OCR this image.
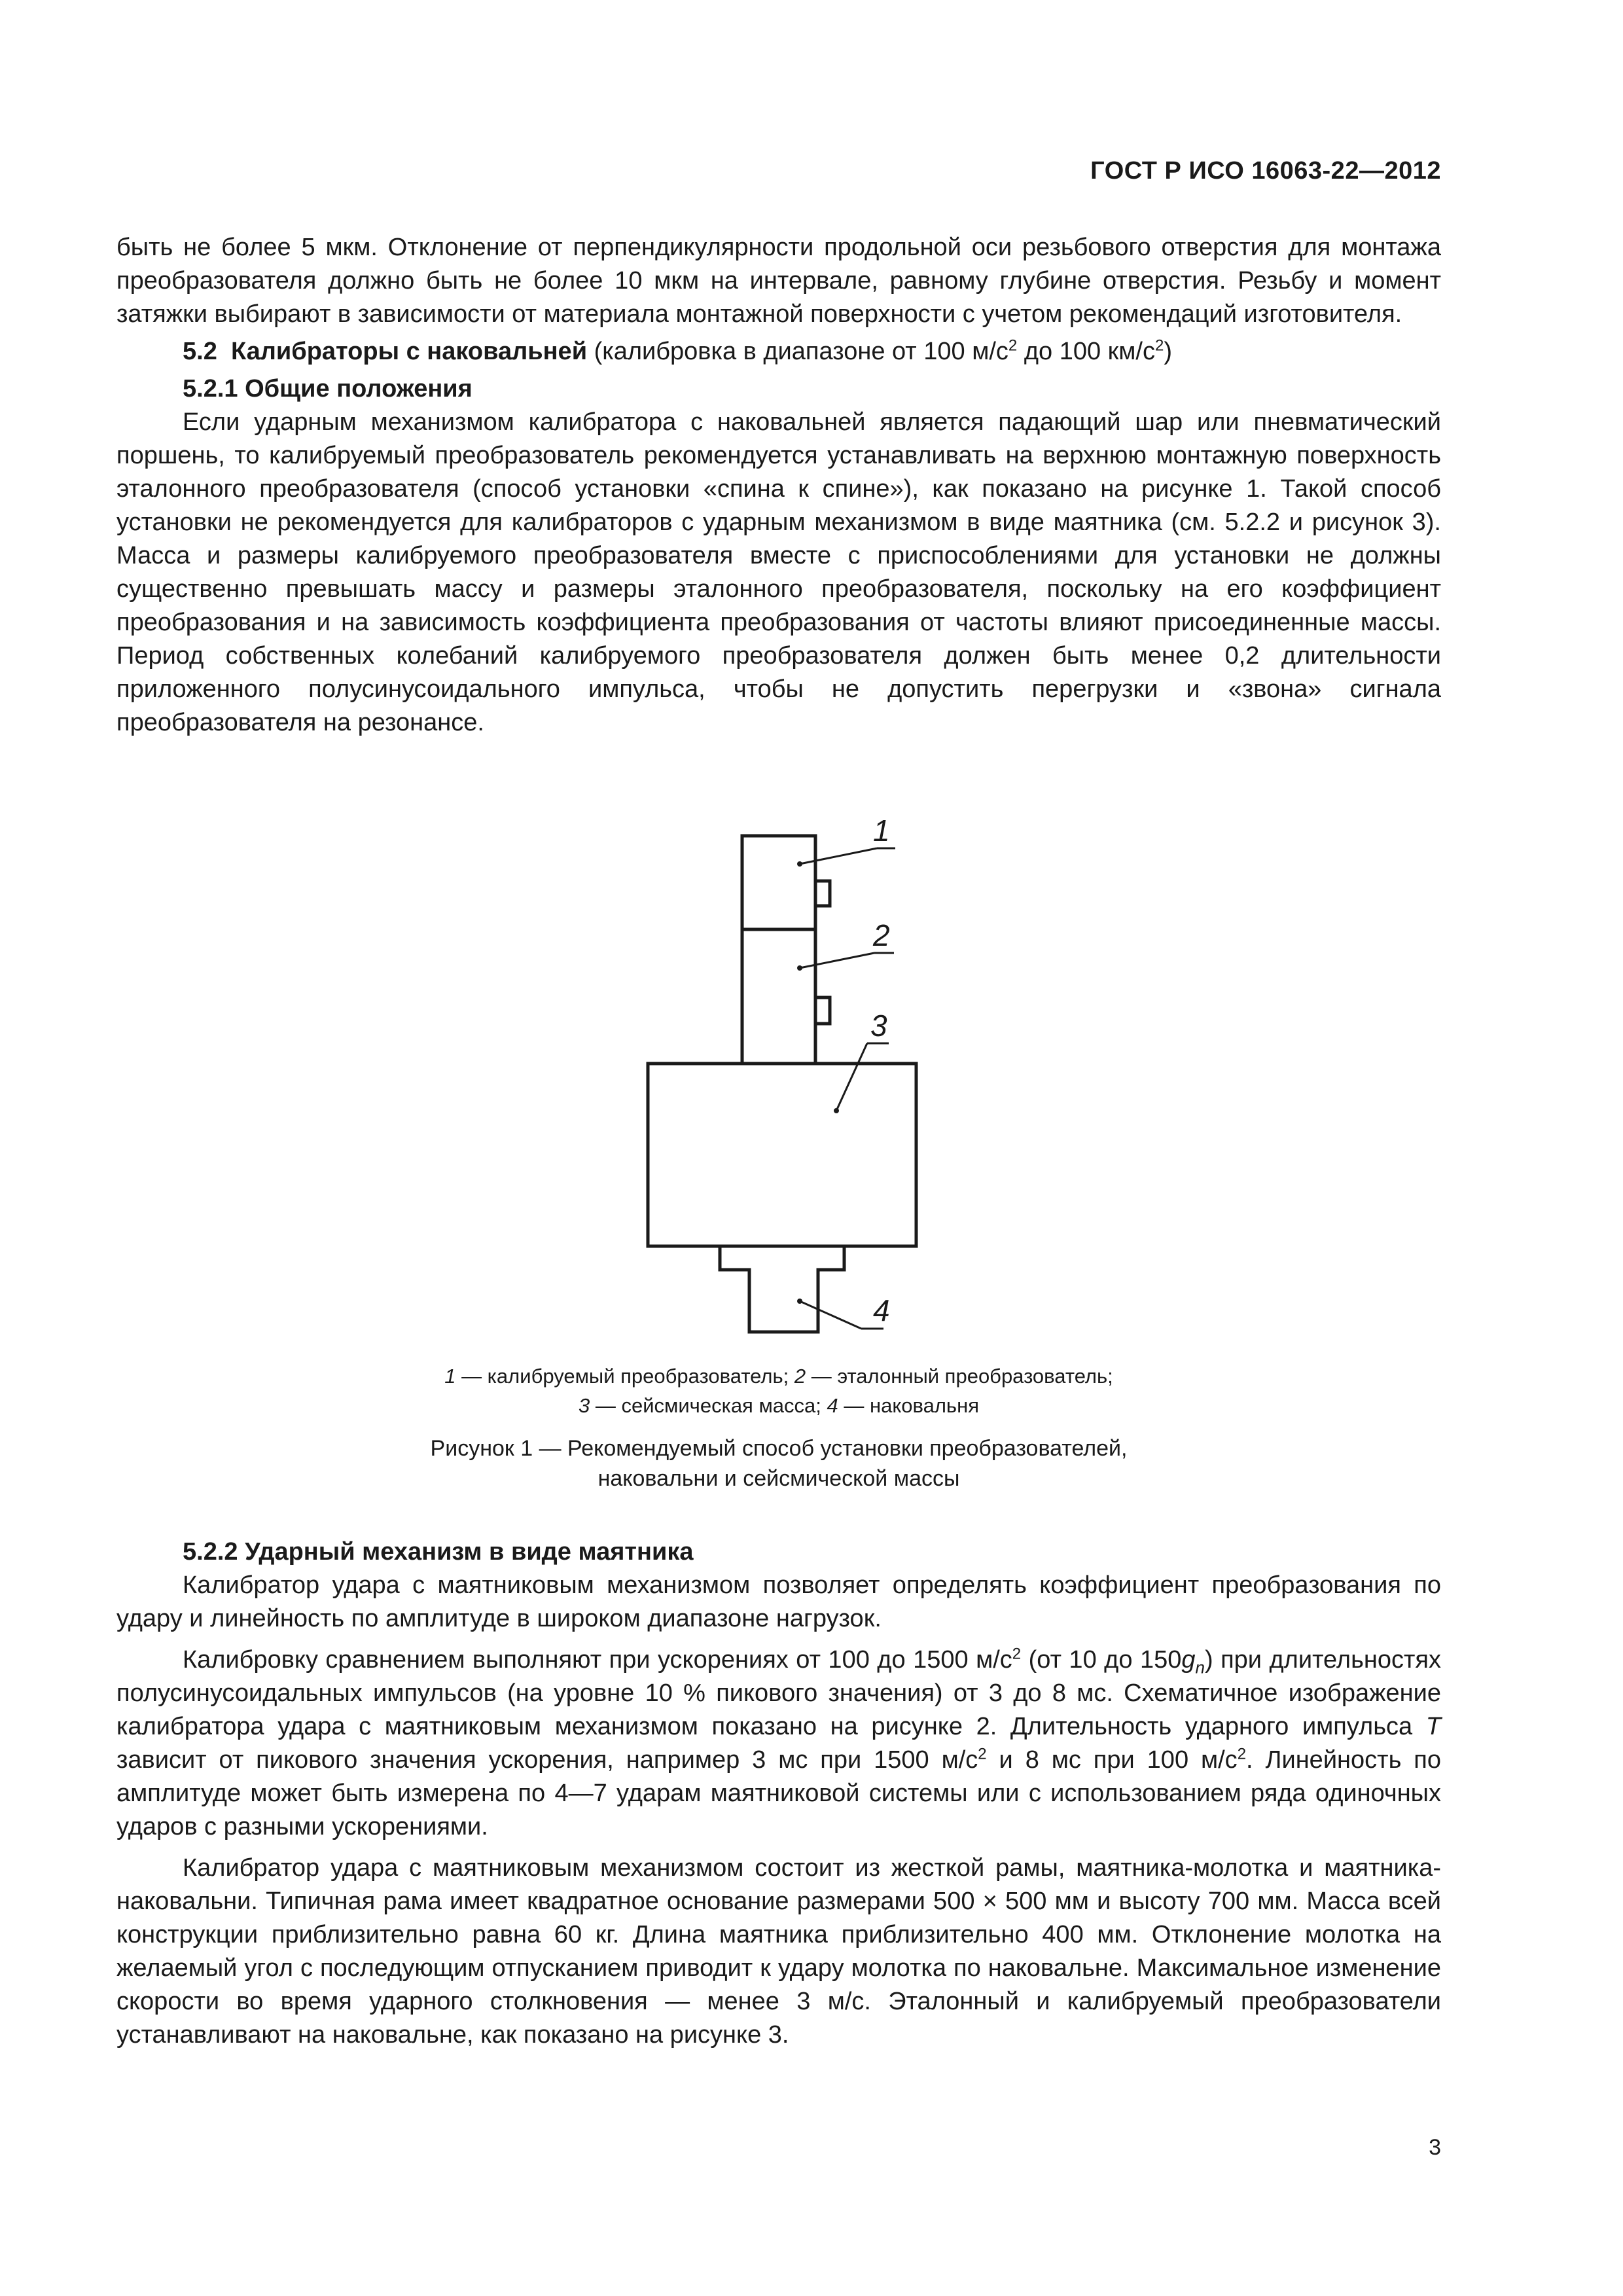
ГОСТ Р ИСО 16063-22—2012

быть не более 5 мкм. Отклонение от перпендикулярности продольной оси резьбового отверстия для монтажа преобразователя должно быть не более 10 мкм на интервале, равному глубине отверстия. Резьбу и момент затяжки выбирают в зависимости от материала монтажной поверхности с учетом рекомендаций изготовителя.

5.2 Калибраторы с наковальней (калибровка в диапазоне от 100 $м/с^2$ до 100 $км/с^2$)

5.2.1 Общие положения

Если ударным механизмом калибратора с наковальней является падающий шар или пневматический поршень, то калибруемый преобразователь рекомендуется устанавливать на верхнюю монтажную поверхность эталонного преобразователя (способ установки «спина к спине»), как показано на рисунке 1. Такой способ установки не рекомендуется для калибраторов с ударным механизмом в виде маятника (см. 5.2.2 и рисунок 3). Масса и размеры калибруемого преобразователя вместе с приспособлениями для установки не должны существенно превышать массу и размеры эталонного преобразователя, поскольку на его коэффициент преобразования и на зависимость коэффициента преобразования от частоты влияют присоединенные массы. Период собственных колебаний калибруемого преобразователя должен быть менее 0,2 длительности приложенного полусинусоидального импульса, чтобы не допустить перегрузки и «звона» сигнала преобразователя на резонансе.

1
2
3
4
1 — калибруемый преобразователь; 2 — эталонный преобразователь;
3 — сейсмическая масса; 4 — наковальня
Рисунок 1 — Рекомендуемый способ установки преобразователей,
наковальни и сейсмической массы

5.2.2 Ударный механизм в виде маятника

Калибратор удара с маятниковым механизмом позволяет определять коэффициент преобразования по удару и линейность по амплитуде в широком диапазоне нагрузок.

Калибровку сравнением выполняют при ускорениях от 100 до 1500 $м/с^2$ (от 10 до $150g_n$) при длительностях полусинусоидальных импульсов (на уровне 10 % пикового значения) от 3 до 8 мс. Схематичное изображение калибратора удара с маятниковым механизмом показано на рисунке 2. Длительность ударного импульса T зависит от пикового значения ускорения, например 3 мс при 1500 $м/с^2$ и 8 мс при 100 $м/с^2$. Линейность по амплитуде может быть измерена по 4—7 ударам маятниковой системы или с использованием ряда одиночных ударов с разными ускорениями.

Калибратор удара с маятниковым механизмом состоит из жесткой рамы, маятника-молотка и маятника-наковальни. Типичная рама имеет квадратное основание размерами 500 × 500 мм и высоту 700 мм. Масса всей конструкции приблизительно равна 60 кг. Длина маятника приблизительно 400 мм. Отклонение молотка на желаемый угол с последующим отпусканием приводит к удару молотка по наковальне. Максимальное изменение скорости во время ударного столкновения — менее 3 м/с. Эталонный и калибруемый преобразователи устанавливают на наковальне, как показано на рисунке 3.

3
